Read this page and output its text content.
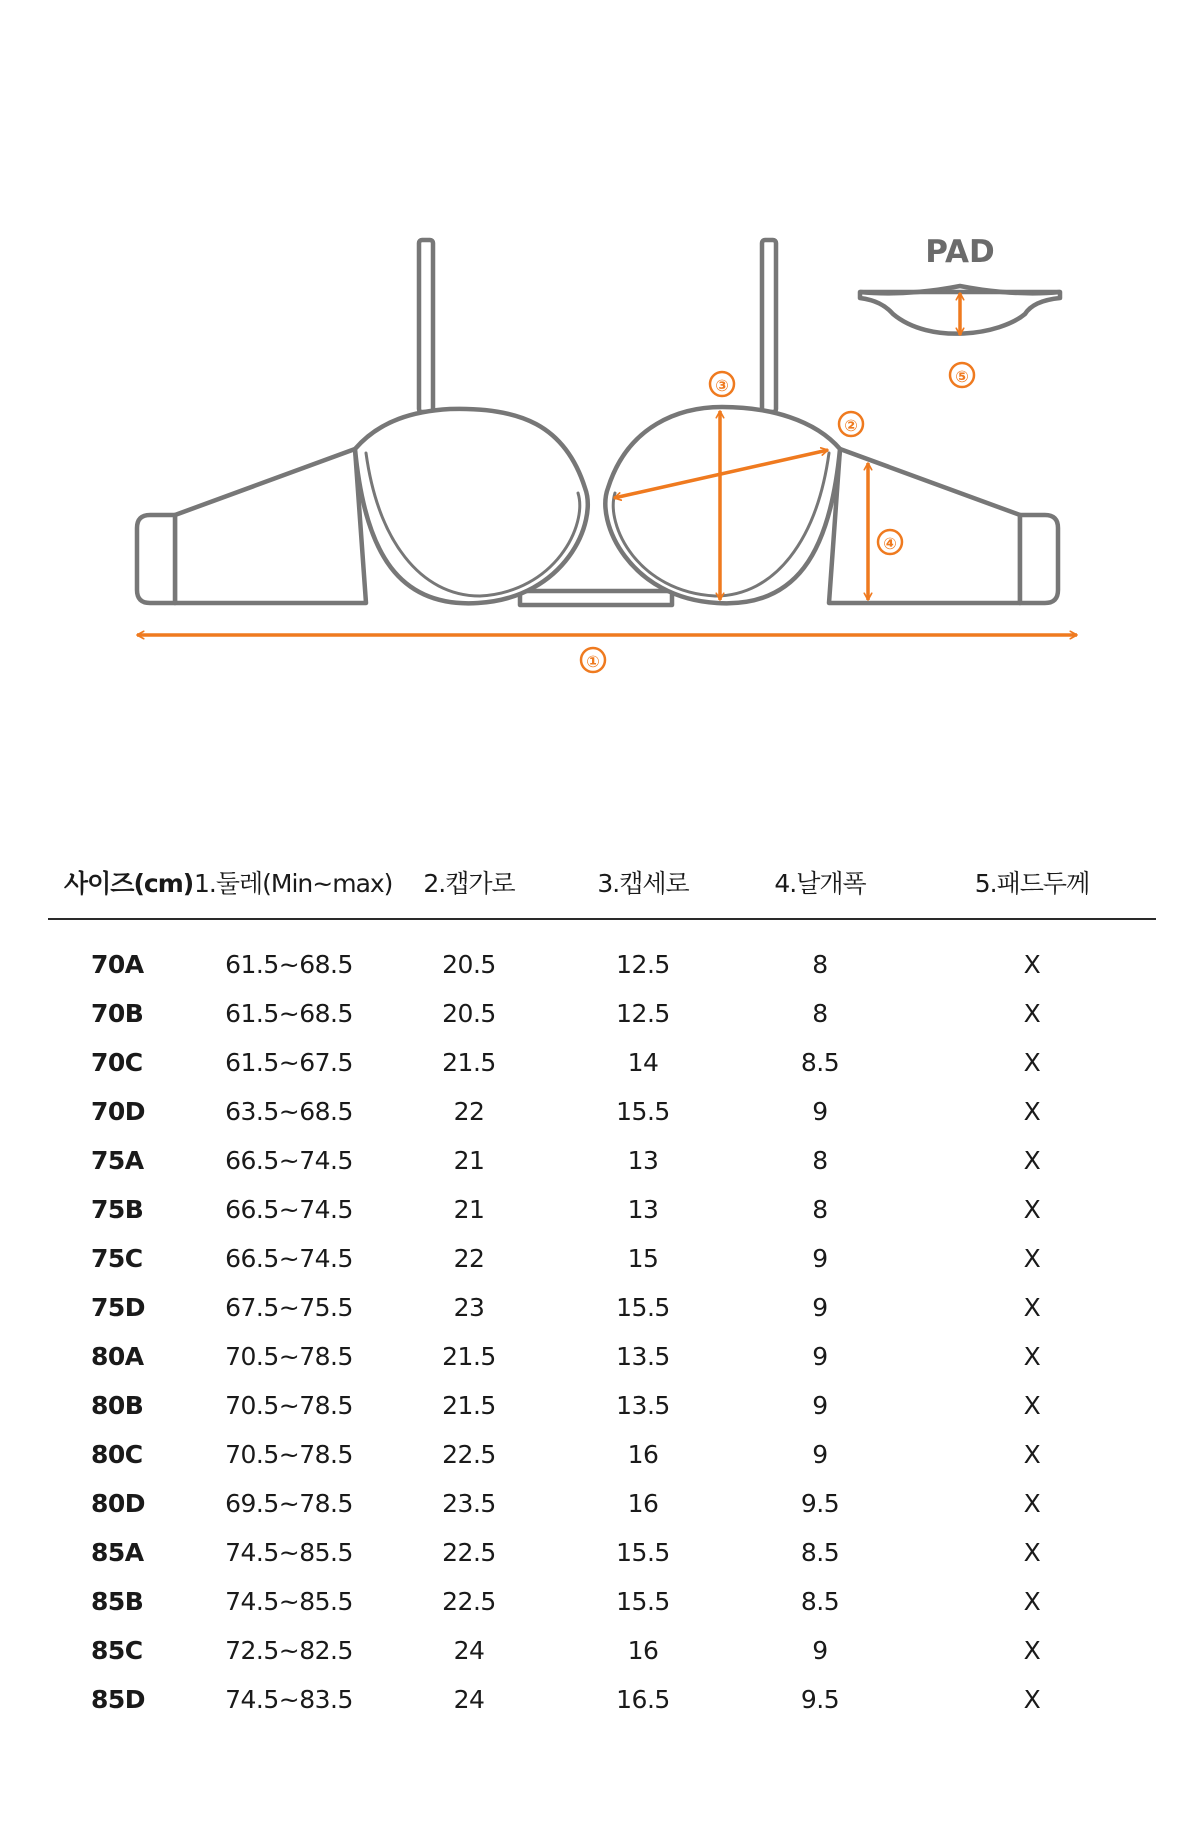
PAD
①
②
③
④
⑤
사이즈(cm)	1.둘레(Min~max)	2.캡가로	3.캡세로	4.날개폭	5.패드두께

70A	61.5~68.5	20.5	12.5	8	X
70B	61.5~68.5	20.5	12.5	8	X
70C	61.5~67.5	21.5	14	8.5	X
70D	63.5~68.5	22	15.5	9	X
75A	66.5~74.5	21	13	8	X
75B	66.5~74.5	21	13	8	X
75C	66.5~74.5	22	15	9	X
75D	67.5~75.5	23	15.5	9	X
80A	70.5~78.5	21.5	13.5	9	X
80B	70.5~78.5	21.5	13.5	9	X
80C	70.5~78.5	22.5	16	9	X
80D	69.5~78.5	23.5	16	9.5	X
85A	74.5~85.5	22.5	15.5	8.5	X
85B	74.5~85.5	22.5	15.5	8.5	X
85C	72.5~82.5	24	16	9	X
85D	74.5~83.5	24	16.5	9.5	X
